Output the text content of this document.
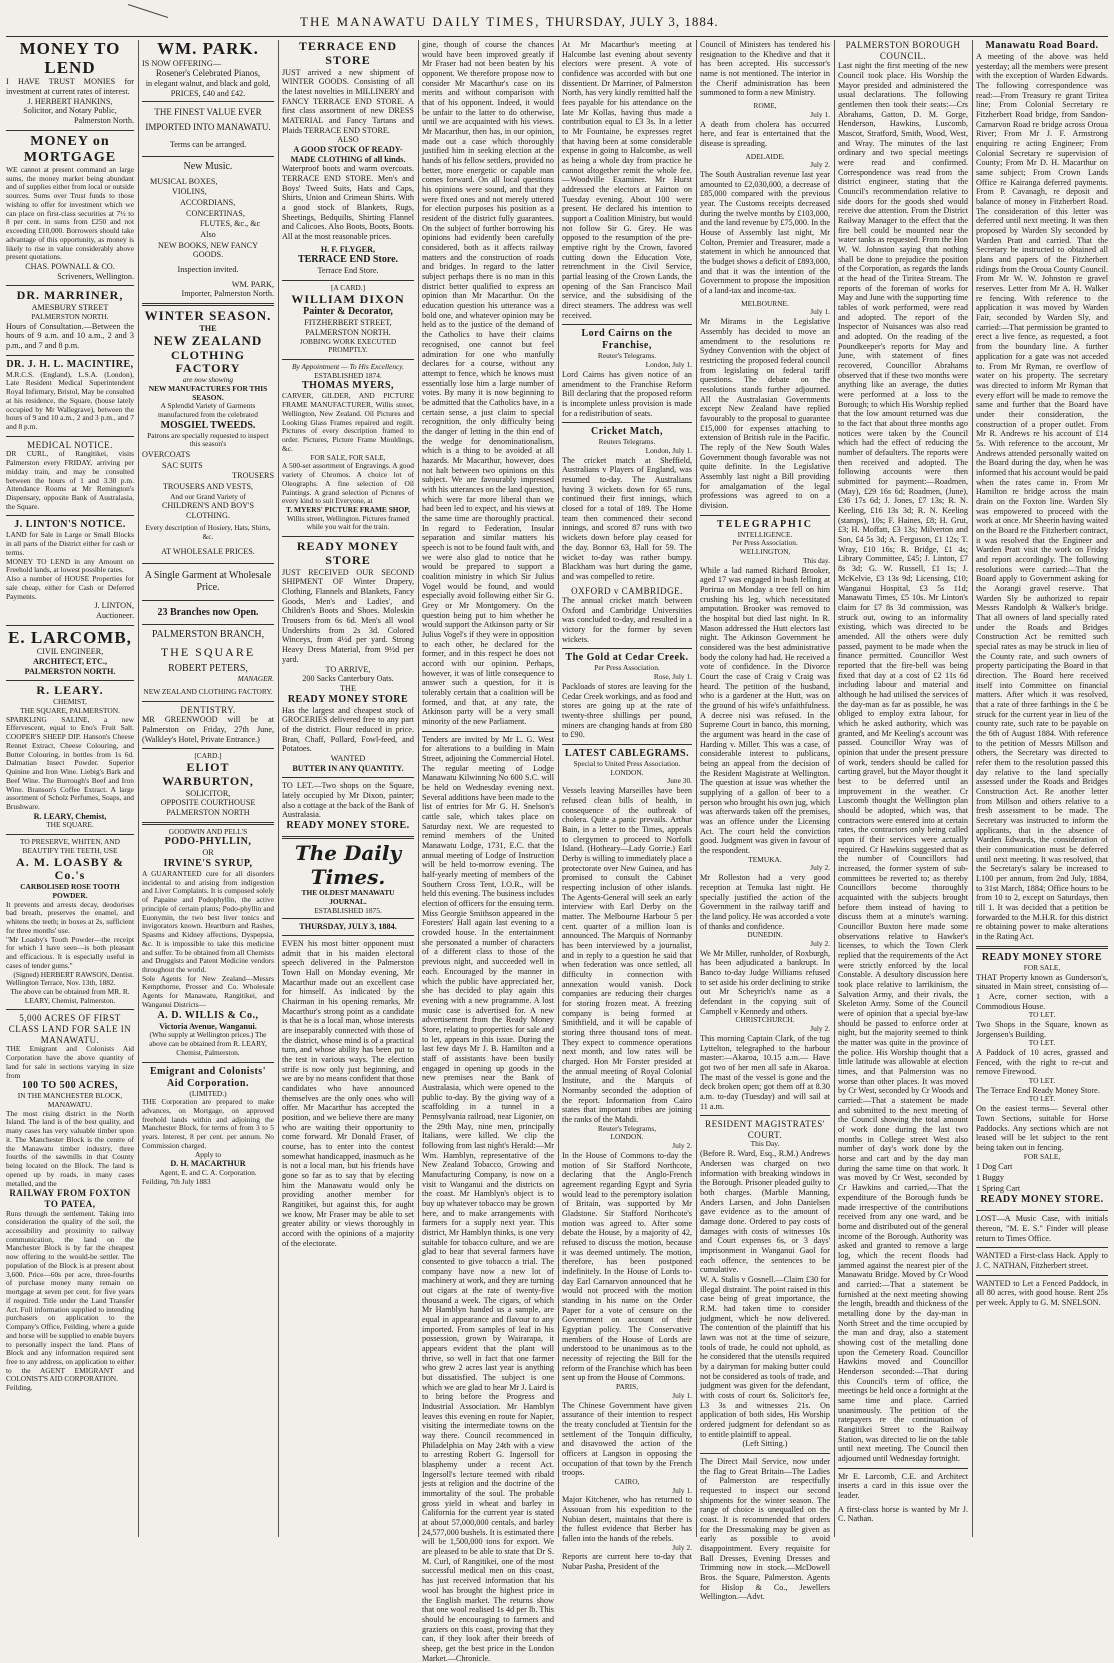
THE MANAWATU DAILY TIMES, THURSDAY, JULY 3, 1884.
MONEY TO LEND

I HAVE TRUST MONIES for investment at current rates of interest.

J. HERBERT HANKINS,

Solicitor, and Notary Public,

Palmerston North.

MONEY on MORTGAGE

WE cannot at present command an large sums, the money market being abundant and of supplies either from local or outside sources. Sums over Trust funds to those wishing to offer for investment which we can place on first-class securities at 7½ to 8 per cent. in sums from £250 and not exceeding £10,000. Borrowers should take advantage of this opportunity, as money is likely to rise in value considerably above present quotations.

CHAS. POWNALL & CO.

Scriveners, Wellington.

DR. MARRINER,

AMESBURY STREET

PALMERSTON NORTH.

Hours of Consultation.—Between the hours of 9 a.m. and 10 a.m., 2 and 3 p.m., and 7 and 8 p.m.

DR. J. H. L. MACINTIRE,

M.R.C.S. (England), L.S.A. (London), Late Resident Medical Superintendent Royal Infirmary, Bristol, May be consulted at his residence, the Square, (house lately occupied by Mr Wallegrave), between the hours of 9 and 10 a.m., 2 and 3 p.m., and 7 and 8 p.m.

MEDICAL NOTICE.

DR CURL, of Rangitikei, visits Palmerston every FRIDAY, arriving per midday train, and may be consulted between the hours of 1 and 3.30 p.m. Attendance Rooms at Mr Remington's Dispensary, opposite Bank of Australasia, the Square.

J. LINTON'S NOTICE.

LAND for Sale in Large or Small Blocks in all parts of the District either for cash or terms.

MONEY TO LEND in any Amount on Freehold lands, at lowest possible rates.

Also a number of HOUSE Properties for sale cheap, either for Cash or Deferred Payments.

J. LINTON,

Auctioneer.

E. LARCOMB,

CIVIL ENGINEER,

ARCHITECT, ETC.,

PALMERSTON NORTH.

R. LEARY.

CHEMIST,

THE SQUARE, PALMERSTON.

SPARKLING SALINE, a new Effervescent, equal to Eno's Fruit Salt. COOPER'S SHEEP DIP. Hanson's Cheese Rennet Extract, Cheese Colouring, and Butter Colouring, in bottles from 1s 6d. Dalmatian Insect Powder. Superior Quinine and Iron Wine. Liebig's Bark and Beef Wine. The Burrough's Beef and Iron Wine. Branson's Coffee Extract. A large assortment of Scholz Perfumes, Soaps, and Brushware.

R. LEARY, Chemist,

THE SQUARE.

TO PRESERVE, WHITEN, AND BEAUTIFY THE TEETH, USE

A. M. LOASBY & Co.'s

CARBOLISED ROSE TOOTH POWDER.

It prevents and arrests decay, deodorises bad breath, preserves the enamel, and whitens the teeth; in boxes at 2s, sufficient for three months' use.

"Mr Loasby's Tooth Powder—the receipt for which I have seen—is both pleasant and efficacious. It is especially useful in cases of tender gums."

(Signed) HERBERT RAWSON, Dentist.

Wellington Terrace, Nov. 13th, 1882.

The above can be obtained from MR. R. LEARY, Chemist, Palmerston.

5,000 ACRES OF FIRST CLASS LAND FOR SALE IN MANAWATU.

THE Emigrant and Colonists Aid Corporation have the above quantity of land for sale in sections varying in size from

100 TO 500 ACRES,

IN THE MANCHESTER BLOCK, MANAWATU.

The most rising district in the North Island. The land is of the best quality, and many cases has very valuable timber upon it. The Manchester Block is the centre of the Manawatu timber industry, three fourths of the sawmills in that County being located on the Block. The land is opened up by roads, in many cases metalled, and the

RAILWAY FROM FOXTON TO PATEA,

Runs through the settlement. Taking into consideration the quality of the soil, the accessibility and proximity to railway communication, the land on the Manchester Block is by far the cheapest now offering to the would-be settler. The population of the Block is at present about 3,600. Price—60s per acre, three-fourths of purchase money many remain on mortgage at seven per cent. for five years if required. Title under the Land Transfer Act. Full information supplied to intending purchasers on application to the Company's Office, Feilding, where a guide and horse will be supplied to enable buyers to personally inspect the land. Plans of Block and any information required sent free to any address, on application to either to the AGENT EMIGRANT and COLONIST'S AID CORPORATION.

Feilding.

WM. PARK.

IS NOW OFFERING—

Rosener's Celebrated Pianos,

in elegant walnut, and black and gold,

PRICES, £40 and £42.

THE FINEST VALUE EVER IMPORTED INTO MANAWATU.

Terms can be arranged.

New Music.

MUSICAL BOXES,

VIOLINS,

ACCORDIANS,

CONCERTINAS,

FLUTES, &c., &c

Also

NEW BOOKS, NEW FANCY GOODS.

Inspection invited.

WM. PARK,

Importer, Palmerston North.

WINTER SEASON.

THE

NEW ZEALAND
CLOTHING FACTORY

are now showing

NEW MANUFACTURES FOR THIS SEASON.

A Splendid Variety of Garments manufactured from the celebrated

MOSGIEL TWEEDS.

Patrons are specially requested to inspect this season's

OVERCOATS

SAC SUITS

TROUSERS

TROUSERS AND VESTS,

And our Grand Variety of

CHILDREN'S AND BOY'S CLOTHING.

Every description of Hosiery, Hats, Shirts, &c.

AT WHOLESALE PRICES.

A Single Garment at Wholesale Price.

23 Branches now Open.

PALMERSTON BRANCH,

THE SQUARE

ROBERT PETERS,

MANAGER.

NEW ZEALAND CLOTHING FACTORY.

DENTISTRY.

MR GREENWOOD will be at Palmerston on Friday, 27th June, (Walkley's Hotel, Private Entrance.)

[CARD.]

ELIOT WARBURTON,

SOLICITOR,

OPPOSITE COURTHOUSE

PALMERSTON NORTH

GOODWIN AND PELL'S

PODO-PHYLLIN,

OR

IRVINE'S SYRUP,

A GUARANTEED cure for all disorders incidental to and arising from indigestion and Liver Complaints. It is composed solely of Papaine and Podophyllin, the active principle of certain plants; Podo-phyllin and Euonymin, the two best liver tonics and invigorators known. Heartburn and Rashes, Spasms and Kidney affections, Dyspepsia, &c. It is impossible to take this medicine and suffer. To be obtained from all Chemists and Druggists and Patent Medicine vendors throughout the world.

Sole Agents for New Zealand—Messrs Kempthorne, Prosser and Co. Wholesale Agents for Manawatu, Rangitikei, and Wanganui Districts—

A. D. WILLIS & Co.,

Victoria Avenue, Wanganui.

(Who supply at Wellington prices.) The above can be obtained from R. LEARY, Chemist, Palmerston.

Emigrant and Colonists' Aid Corporation.

(LIMITED.)

THE Corporation are prepared to make advances, on Mortgage, on approved freehold lands within and adjoining the Manchester Block, for terms of from 3 to 5 years. Interest, 8 per cent. per annum. No Commission charged.

Apply to

D. H. MACARTHUR

Agent, E. and C. A. Corporation.

Feilding, 7th July 1883

TERRACE END STORE

JUST arrived a new shipment of WINTER GOODS. Consisting of all the latest novelties in MILLINERY and FANCY TERRACE END STORE. A first class assortment of new DRESS MATERIAL and Fancy Tartans and Plaids TERRACE END STORE.

ALSO

A GOOD STOCK OF READY-MADE CLOTHING of all kinds.

Waterproof boots and warm overcoats. TERRACE END STORE. Men's and Boys' Tweed Suits, Hats and Caps, Shirts, Union and Crimean Shirts. With a good stock of Blankets, Rugs, Sheetings, Bedquilts, Shirting Flannel and Calicoes. Also Boots, Boots, Boots. All at the most reasonable prices.

H. F. FLYGER,

TERRACE END Store.

Terrace End Store.

[A CARD.]

WILLIAM DIXON

Painter & Decorator,

FITZHERBERT STREET,

PALMERSTON NORTH.

JOBBING WORK EXECUTED PROMPTLY.

By Appointment — To His Excellency.

ESTABLISHED 1874.

THOMAS MYERS,

CARVER, GILDER, AND PICTURE FRAME MANUFACTURER, Willis street, Wellington, New Zealand. Oil Pictures and Looking Glass Frames repaired and regilt. Pictures of every description framed to order. Pictures, Picture Frame Mouldings, &c.

FOR SALE, FOR SALE,

A 500-set assortment of Engravings. A good variety of Chromos. A choice lot of Oleographs. A fine selection of Oil Paintings. A grand selection of Pictures of every kind to suit Everyone, at

T. MYERS' PICTURE FRAME SHOP,

Willis street, Wellington. Pictures framed while you wait for the train.

READY MONEY STORE

JUST RECEIVED OUR SECOND SHIPMENT OF Winter Drapery, Clothing, Flannels and Blankets, Fancy Goods, Men's and Ladies', and Children's Boots and Shoes. Moleskin Trousers from 6s 6d. Men's all wool Undershirts from 2s 3d. Colored Winceys, from 4½d per yard. Strong Heavy Dress Material, from 9½d per yard.

TO ARRIVE,

200 Sacks Canterbury Oats.

THE

READY MONEY STORE

Has the largest and cheapest stock of GROCERIES delivered free to any part of the district. Flour reduced in price. Bran, Chaff, Pollard, Fowl-feed, and Potatoes.

WANTED

BUTTER IN ANY QUANTITY.

TO LET.—Two shops on the Square, lately occupied by Mr Dixon, painter; also a cottage at the back of the Bank of Australasia.

READY MONEY STORE.
The Daily Times.

THE OLDEST MANAWATU JOURNAL.

ESTABLISHED 1875.

THURSDAY, JULY 3, 1884.

EVEN his most bitter opponent must admit that in his maiden electoral speech delivered in the Palmerston Town Hall on Monday evening, Mr Macarthur made out an excellent case for himself. As indicated by the Chairman in his opening remarks, Mr Macarthur's strong point as a candidate is that he is a local man, whose interests are inseparably connected with those of the district, whose mind is of a practical turn, and whose ability has been put to the test in various ways. The election strife is now only just beginning, and we are by no means confident that those candidates who have announced themselves are the only ones who will offer. Mr Macarthur has accepted the position, and we believe there are many who are waiting their opportunity to come forward. Mr Donald Fraser, of course, has to enter into the contest somewhat handicapped, inasmuch as he is not a local man, but his friends have gone so far as to say that by electing him the Manawatu would only be providing another member for Rangitikei, but against this, for aught we know, Mr Fraser may be able to set greater ability or views thoroughly in accord with the opinions of a majority of the electorate.

gine, though of course the chances would have been improved greatly if Mr Fraser had not been beaten by his opponent. We therefore propose now to consider Mr Macarthur's case on its merits and without comparison with that of his opponent. Indeed, it would be unfair to the latter to do otherwise, until we are acquainted with his views. Mr Macarthur, then has, in our opinion, made out a case which thoroughly justified him in seeking election at the hands of his fellow settlers, provided no better, more energetic or capable man comes forward. On all local questions his opinions were sound, and that they were fixed ones and not merely uttered for election purposes his position as a resident of the district fully guarantees. On the subject of further borrowing his opinions had evidently been carefully considered, both as it affects railway matters and the construction of roads and bridges. In regard to the latter subject perhaps there is no man in this district better qualified to express an opinion than Mr Macarthur. On the education question his utterance was a bold one, and whatever opinion may be held as to the justice of the demand of the Catholics to have their claims recognised, one cannot but feel admiration for one who manfully declares for a course, without any attempt to fence, which he knows must essentially lose him a large number of votes. By many it is now beginning to be admitted that the Catholics have, in a certain sense, a just claim to special recognition, the only difficulty being the danger of letting in the thin end of the wedge for denominationalism, which is a thing to be avoided at all hazards. Mr Macarthur, however, does not halt between two opinions on this subject. We are favourably impressed with his utterances on the land question, which were far more liberal than we had been led to expect, and his views at the same time are thoroughly practical. In regard to Federation, Insular separation and similar matters his speech is not to be found fault with, and we were also glad to notice that he would be prepared to support a coalition ministry in which Sir Julius Vogel would be found, and would especially avoid following either Sir G. Grey or Mr Montgomery. On the question being put to him whether he would support the Atkinson party or Sir Julius Vogel's if they were in opposition to each other, he declared for the former, and in this respect he does not accord with our opinion. Perhaps, however, it was of little consequence to answer such a question, for it is tolerably certain that a coalition will be formed, and that, at any rate, the Atkinson party will be a very small minority of the new Parliament.

Tenders are invited by Mr L. G. West for alterations to a building in Main Street, adjoining the Commercial Hotel. The regular meeting of Lodge Manawatu Kilwinning No 600 S.C. will be held on Wednesday evening next. Several additions have been made to the list of entries for Mr G. H. Snelson's cattle sale, which takes place on Saturday next. We are requested to remind members of the United Manawatu Lodge, 1731, E.C. that the annual meeting of Lodge of Instruction will be held to-morrow evening. The half-yearly meeting of members of the Southern Cross Tent, I.O.R., will be held this evening. The business includes election of officers for the ensuing term. Miss Georgie Smithson appeared in the Foresters' Hall again last evening to a crowded house. In the entertainment she personated a number of characters of a different class to those of the previous night, and succeeded well in each. Encouraged by the manner in which the public have appreciated her, she has decided to play again this evening with a new programme. A lost music case is advertised for. A new advertisement from the Ready Money Store, relating to properties for sale and to let, appears in this issue. During the last few days Mr J. B. Hamilton and a staff of assistants have been busily engaged in opening up goods in the new premises near the Bank of Australasia, which were opened to the public to-day. By the giving way of a scaffolding in a tunnel in a Pennsylvania railroad, near Ligonier, on the 29th May, nine men, principally Italians, were killed. We clip the following from last night's Herald:—Mr Wm. Hamblyn, representative of the New Zealand Tobacco, Growing and Manufacturing Company, is now on a visit to Wanganui and the districts on the coast. Mr Hamblyn's object is to buy up whatever tobacco may be grown here, and to make arrangements with farmers for a supply next year. This district, Mr Hamblyn thinks, is one very suitable for tobacco culture, and we are glad to hear that several farmers have consented to give tobacco a trial. The company have now a new lot of machinery at work, and they are turning out cigars at the rate of twenty-five thousand a week. The cigars, of which Mr Hamblyn handed us a sample, are equal in appearance and flavour to any imported. From samples of leaf in his possession, grown by Wairarapa, it appears evident that the plant will thrive, so well in fact that one farmer who grew 2 acres last year is anything but dissatisfied. The subject is one which we are glad to hear Mr J. Laird is to bring before the Progress and Industrial Association. Mr Hamblyn leaves this evening en route for Napier, visiting the intermediate towns on the way there. Council recommenced in Philadelphia on May 24th with a view to arresting Robert G. Ingersoll for blasphemy under a recent Act. Ingersoll's lecture teemed with ribald jests at religion and the doctrine of the immortality of the soul. The probable gross yield in wheat and barley in California for the current year is stated at about 57,000,000 centals, and barley 24,577,000 bushels. It is estimated there will be 1,500,000 tons for export. We are pleased to be able to state that Dr S. M. Curl, of Rangitikei, one of the most successful medical men on this coast, has just received information that his wool has brought the highest price in the English market. The returns show that one wool realised 1s 4d per lb. This should be encouraging to farmers and graziers on this coast, proving that they can, if they look after their breeds of sheep, get the best price in the London Market.—Chronicle.

At Mr Macarthur's meeting at Halcombe last evening about seventy electors were present. A vote of confidence was accorded with but one dissentient. Dr Marriner, of Palmerston North, has very kindly remitted half the fees payable for his attendance on the late Mr Kollas, having thus made a contribution equal to £3 3s. In a letter to Mr Fountaine, he expresses regret that having been at some considerable expense in going to Halcombe, as well as being a whole day from practice he cannot altogether remit the whole fee.—Woodville Examiner. Mr Hurst addressed the electors at Fairton on Tuesday evening. About 100 were present. He declared his intention to support a Coalition Ministry, but would not follow Sir G. Grey. He was opposed to the resumption of the pre-emptive right by the Crown, favored cutting down the Education Vote, retrenchment in the Civil Service, partial leasing of the Crown Lands, the opening of the San Francisco Mail service, and the subsidising of the direct steamers. The address was well received.

Lord Cairns on the Franchise,

Reuter's Telegrams.

London, July 1.

Lord Cairns has given notice of an amendment to the Franchise Reform Bill declaring that the proposed reform is incomplete unless provision is made for a redistribution of seats.

Cricket Match,

Reuters Telegrams.

London, July 1.

The cricket match at Sheffield, Australians v Players of England, was resumed to-day. The Australians having 3 wickets down for 65 runs, continued their first innings, which closed for a total of 189. The Home team then commenced their second innings, and scored 87 runs with two wickets down before play ceased for the day. Bonnor 63, Hall for 59. The wicket to-day was rather bumpy. Blackham was hurt during the game, and was compelled to retire.

OXFORD v CAMBRIDGE.

The annual cricket match between Oxford and Cambridge Universities was concluded to-day, and resulted in a victory for the former by seven wickets.

The Gold at Cedar Creek.

Per Press Association.

Rose, July 1.

Packloads of stores are leaving for the Cedar Creek workings, and as food and stores are going up at the rate of twenty-three shillings per pound, miners are changing hands at from £80 to £90.

LATEST CABLEGRAMS.

Special to United Press Association.

LONDON.

June 30.

Vessels leaving Marseilles have been refused clean bills of health, in consequence of the outbreak of cholera. Quite a panic prevails. Arthur Bain, in a letter to the Times, appeals to clergymen to proceed to Norfolk Island. (Hotheary—Lady Gorrie.) Earl Derby is willing to immediately place a protectorate over New Guinea, and has promised to consult the Cabinet respecting inclusion of other islands. The Agents-General will seek an early interview with Earl Derby on the matter. The Melbourne Harbour 5 per cent. quarter of a million loan is announced. The Marquis of Normanby has been interviewed by a journalist, and in reply to a question he said that when federation was once settled, all difficulty in connection with annexation would vanish. Dock companies are reducing their charges for storing frozen meat. A freezing company is being formed at Smithfield, and it will be capable of storing three thousand tons of meat. They expect to commence operations next month, and low rates will be charged. Hon Mr Forster presided at the annual meeting of Royal Colonial Institute, and the Marquis of Normanby seconded the adoption of the report. Information from Cairo states that important tribes are joining the ranks of the Mahdi.

Reuter's Telegrams,

LONDON.

July 2.

In the House of Commons to-day the motion of Sir Stafford Northcote, declaring that the Anglo-French agreement regarding Egypt and Syria would lead to the peremptory isolation of Britain, was supported by Mr Gladstone. Sir Stafford Northcote's motion was agreed to. After some debate the House, by a majority of 42, refused to discuss the motion, because it was deemed untimely. The motion, therefore, has been postponed indefinitely. In the House of Lords to-day Earl Carnarvon announced that he would not proceed with the motion standing in his name on the Order Paper for a vote of censure on the Government on account of their Egyptian policy. The Conservative members of the House of Lords are understood to be unanimous as to the necessity of rejecting the Bill for the reform of the Franchise which has been sent up from the House of Commons.

PARIS,

July 1.

The Chinese Government have given assurance of their intention to respect the treaty concluded at Tientsin for the settlement of the Tonquin difficulty, and disavowed the action of the officers at Langson in opposing the occupation of that town by the French troops.

CAIRO,

July 1.

Major Kitchener, who has returned to Assouan from his expedition to the Nubian desert, maintains that there is the fullest evidence that Berber has fallen into the hands of the rebels.

July 2.

Reports are current here to-day that Nubar Pasha, President of the

Council of Ministers has tendered his resignation to the Khedive and that it has been accepted. His successor's name is not mentioned. The interior in the Cherif administration has been summoned to form a new Ministry.

ROME,

July 1.

A death from cholera has occurred here, and fear is entertained that the disease is spreading.

ADELAIDE.

July 2.

The South Australian revenue last year amounted to £2,030,000, a decrease of £85,000 compared with the previous year. The Customs receipts decreased during the twelve months by £103,000, and the land revenue by £75,000. In the House of Assembly last night, Mr Colton, Premier and Treasurer, made a statement in which he announced that the budget shows a deficit of £893,000, and that it was the intention of the Government to propose the imposition of a land-tax and income-tax.

MELBOURNE.

July 1.

Mr Mirams in the Legislative Assembly has decided to move an amendment to the resolutions re Sydney Convention with the object of restricting the proposed federal council from legislating on federal tariff questions. The debate on the resolutions stands further adjourned. All the Australasian Governments except New Zealand have replied favourably to the proposal to guarantee £15,000 for expenses attaching to extension of British rule in the Pacific. The reply of the New South Wales Government though favorable was not quite definite. In the Legislative Assembly last night a Bill providing for amalgamation of the legal professions was agreed to on a division.

TELEGRAPHIC

INTELLIGENCE.

Per Press Association.

WELLINGTON,

This day.

While a lad named Richard Brooker, aged 17 was engaged in bush felling at Porirua on Monday a tree fell on him crushing his leg, which necessitated amputation. Brooker was removed to the hospital but died last night. In R. Mason addressed the Hutt electors last night. The Atkinson Government he considered was the best administrative body the colony had had. He received a vote of confidence. In the Divorce Court the case of Craig v Craig was heard. The petition of the husband, who is a gardener at the Hutt, was on the ground of his wife's unfaithfulness. A decree nisi was refused. In the Supreme Court in banco, this morning, the argument was heard in the case of Harding v. Miller. This was a case, of considerable interest to publicans, being an appeal from the decision of the Resident Magistrate at Wellington. The question at issue was whether the supplying of a gallon of beer to a person who brought his own jug, which was afterwards taken off the premises, was an offence under the Licensing Act. The court held the conviction good. Judgment was given in favour of the respondent.

TEMUKA.

July 2.

Mr Rolleston had a very good reception at Temuka last night. He specially justified the action of the Government in the railway tariff and the land policy. He was accorded a vote of thanks and confidence.

DUNEDIN.

July 2.

We Mr Miller, runholder, of Roxburgh, has been adjudicated a bankrupt. In Banco to-day Judge Williams refused to set aside his order declining to strike out Mr Scheyrich's name as a defendant in the copying suit of Campbell v Kennedy and others.

CHRISTCHURCH.

July 2.

This morning Captain Clark, of the tug Lyttelton, telegraphed to the harbour master:—Akaroa, 10.15 a.m.— Have got two of her men all safe in Akaroa. The mast of the vessel is gone and the deck broken open; got them off at 8.30 a.m. to-day (Tuesday) and will sail at 11 a.m.

RESIDENT MAGISTRATES' COURT.

This Day.

(Before R. Ward, Esq., R.M.) Andrews Andersen was charged on two information with breaking windows in the Borough. Prisoner pleaded guilty to both charges. (Marble Manning, Anders Larsen, and John Danielsen gave evidence as to the amount of damage done. Ordered to pay costs of damages with costs of witnesses 10s and Court expenses 6s, or 3 days' imprisonment in Wanganui Gaol for each offence, the sentences to be cumulative.

W. A. Stalis v Gosnell.—Claim £30 for illegal distraint. The point raised in this case being of great importance, the R.M. had taken time to consider judgment, which he now delivered. The contention of the plaintiff that his lawn was not at the time of seizure, tools of trade, he could not uphold, as he considered that the utensils required by a dairyman for making butter could not be considered as tools of trade, and judgment was given for the defendant, with costs of court 6s. Solicitor's fee, L3 3s and witnesses 21s. On application of both sides, His Worship ordered judgment for defendant so as to entitle plaintiff to appeal.

(Left Sitting.)

The Direct Mail Service, now under the flag to Great Britain—The Ladies of Palmerston are respectfully requested to inspect our second shipments for the winter season. The range of choice is unequalled on the coast. It is recommended that orders for the Dressmaking may be given as early as possible to avoid disappointment. Every requisite for Ball Dresses, Evening Dresses and Trimming now in stock.—McDowell Bros. the Square, Palmerston. Agents for Hislop & Co., Jewellers Wellington.—Advt.

PALMERSTON BOROUGH COUNCIL.

Last night the first meeting of the new Council took place. His Worship the Mayor presided and administered the usual declarations. The following gentlemen then took their seats:—Crs Abrahams, Gatton, D. M. Gorge, Henderson, Hawkins, Luscomb, Mascot, Stratford, Smith, Wood, West, and Wray. The minutes of the last ordinary and two special meetings were read and confirmed. Correspondence was read from the district engineer, stating that the Council's recommendation relative to side doors for the goods shed would receive due attention. From the District Railway Manager to the effect that the fire bell could be mounted near the water tanks as requested. From the Hon W. W. Johnston saying that nothing shall be done to prejudice the position of the Corporation, as regards the lands at the head of the Tiritea Stream. The reports of the foreman of works for May and June with the supporting time tables of work performed, were read and adopted. The report of the Inspector of Nuisances was also read and adopted. On the reading of the Poundkeeper's reports for May and June, with statement of fines recovered, Councillor Abrahams observed that if these two months were anything like an average, the duties were performed at a loss to the Borough; to which His Worship replied that the low amount returned was due to the fact that about three months ago notices were taken by the Council which had the effect of reducing the number of defaulters. The reports were then received and adopted. The following accounts were then submitted for payment:—Roadmen, (May), £29 16s 6d; Roadmen, (June), £36 17s 6d; J. Jones, £7 13s; R. N. Keeling, £16 13s 3d; R. N. Keeling (stamps), 10s; F. Haines, £8; H. Grut, £3; H. Moffatt, £3 13s; Milverton and Son, £4 5s 3d; A. Ferguson, £1 12s; T. Wray, £10 16s; R. Bridge, £1 4s; Library Committee, £45; J. Linton, £7 8s 3d; G. W. Russell, £1 1s; J. McKelvie, £3 13s 9d; Licensing, £10; Wanganui Hospital, £3 5s 11d; Manawatu Times, £5 10s. Mr Linton's claim for £7 8s 3d commission, was struck out, owing to an informality existing, which was directed to be amended. All the others were duly passed, payment to be made when the finance permitted. Councillor West reported that the fire-bell was being fixed that day at a cost of £2 11s 6d including labour and material and although he had utilised the services of the day-man as far as possible, he was obliged to employ extra labour, for which he asked authority, which was granted, and Mr Keeling's account was passed. Councillor Wray was of opinion that under the present pressure of work, tenders should be called for carting gravel, but the Mayor thought it best to be deferred until an improvement in the weather. Cr Luscomb thought the Wellington plan should be adopted, which was, that contractors were entered into at certain rates, the contractors only being called upon if their services were actually required. Cr Hawkins suggested that as the number of Councillors had increased, the former system of sub-committees be reverted to; as thereby Councillors become thoroughly acquainted with the subjects brought before them instead of having to discuss them at a minute's warning. Councillor Buxton here made some observations relative to Hawker's licenses, to which the Town Clerk replied that the requirements of the Act were strictly enforced by the local Constable. A desultory discussion here took place relative to larrikinism, the Salvation Army, and their rivals, the Skeleton Army. Some of the Council were of opinion that a special bye-law should be passed to enforce order at night, but the majority seemed to think the matter was quite in the province of the police. His Worship thought that a little latitude was allowable at election times, and that Palmerston was no worse than other places. It was moved by Cr West, seconded by Cr Woods and carried:—That a statement be made and submitted to the next meeting of the Council showing the total amount of work done during the last two months in College street West also number of day's work done by the horse and cart and by the day man during the same time on that work. It was moved by Cr West, seconded by Cr Hawkins and carried,—That the expenditure of the Borough funds be made irrespective of the contributions received from any one ward, and be borne and distributed out of the general income of the Borough. Authority was asked and granted to remove a large log, which the recent floods had jammed against the nearest pier of the Manawatu Bridge. Moved by Cr Wood and carried:—That a statement be furnished at the next meeting showing the length, breadth and thickness of the metalling done by the day-man in North Street and the time occupied by the man and dray, also a statement showing cost of the metalling done upon the Cemetery Road. Councillor Hawkins moved and Councillor Henderson seconded:—That during this Council's term of office, the meetings be held once a fortnight at the same time and place. Carried unanimously. The petition of the ratepayers re the continuation of Rangitikei Street to the Railway Station, was directed to lie on the table until next meeting. The Council then adjourned until Wednesday fortnight.

Mr E. Larcomb, C.E. and Architect inserts a card in this issue over the leader.

A first-class horse is wanted by Mr J. C. Nathan.

Manawatu Road Board.

A meeting of the above was held yesterday; all the members were present with the exception of Warden Edwards. The following correspondence was read:—From Treasury re grant Tiritea line; From Colonial Secretary re Fitzherbert Road bridge, from Sandon-Carnarvon Road re bridge across Oroua River; From Mr J. F. Armstrong enquiring re acting Engineer; From Colonial Secretary re supervision of County; From Mr D. H. Macarthur on same subject; From Crown Lands Office re Kairanga deferred payments. From P. Cavanagh, re deposit and balance of money in Fitzherbert Road. The consideration of this letter was deferred until next meeting. It was then proposed by Warden Sly seconded by Warden Pratt and carried. That the Secretary be instructed to obtained all plans and papers of the Fitzherbert ridings from the Oroua County Council. From Mr W. W. Johnston re gravel reserves. Letter from Mr A. H. Walker re fencing. With reference to the application it was moved by Warden Fair, seconded by Warden Sly, and carried:—That permission be granted to erect a live fence, as requested, a foot from the boundary line. A further application for a gate was not acceded to. From Mr Ryman, re overflow of water on his property. The secretary was directed to inform Mr Ryman that every effort will be made to remove the same and further that the Board have under their consideration, the construction of a proper outlet. From Mr R. Andrews re his account of £14 5s. With reference to the account, Mr Andrews attended personally waited on the Board during the day, when he was informed that his account would be paid when the rates came in. From Mr Hamilton re bridge across the main drain on the Foxton line. Warden Sly was empowered to proceed with the work at once. Mr Sheerin having waited on the Board re the Fitzherbert contract, it was resolved that the Engineer and Warden Pratt visit the work on Friday and report accordingly. The following resolutions were carried:—That the Board apply to Government asking for the Aorangi gravel reserve. That Warden Sly be authorized to repair Messrs Randolph & Walker's bridge. That all owners of land specially rated under the Roads and Bridges Construction Act be remitted such special rates as may be struck in lieu of the County rate, and such owners of property participating the Board in that direction. The Board here received itself into Committee on financial matters. After which it was resolved, that a rate of three farthings in the £ be struck for the current year in lieu of the county rate, such rate to be payable on the 6th of August 1884. With reference to the petition of Messrs Millson and others, the Secretary was directed to refer them to the resolution passed this day relative to the land specially assessed under the Roads and Bridges Construction Act. Re another letter from Millson and others relative to a fresh assessment to be made. The Secretary was instructed to inform the applicants, that in the absence of Warden Edwards, the consideration of their communication must be deferred until next meeting. It was resolved, that the Secretary's salary be increased to L100 per annum, from 2nd July, 1884, to 31st March, 1884; Office hours to be from 10 to 2, except on Saturdays, then till 1. It was decided that a petition be forwarded to the M.H.R. for this district re obtaining power to make alterations in the Rating Act.

READY MONEY STORE

FOR SALE,

THAT Property known as Gunderson's, situated in Main street, consisting of— 1 Acre, corner section, with a Commodious House.

TO LET.

Two Shops in the Square, known as Jorgensen's Building.

TO LET.

A Paddock of 10 acres, grassed and Fenced, with the right to re-cut and remove Firewood.

TO LET.

The Terrace End Ready Money Store.

TO LET.

On the easiest terms— Several other Town Sections, suitable for Horse Paddocks. Any sections which are not leased will be let subject to the rent being taken out in fencing.

FOR SALE,

1 Dog Cart

1 Buggy

1 Spring Cart

READY MONEY STORE.

LOST—A Music Case, with initials thereon, "M. E. S." Finder will please return to Times Office.

WANTED a First-class Hack. Apply to J. C. NATHAN, Fitzherbert street.

WANTED to Let a Fenced Paddock, in all 80 acres, with good house. Rent 25s per week. Apply to G. M. SNELSON.
